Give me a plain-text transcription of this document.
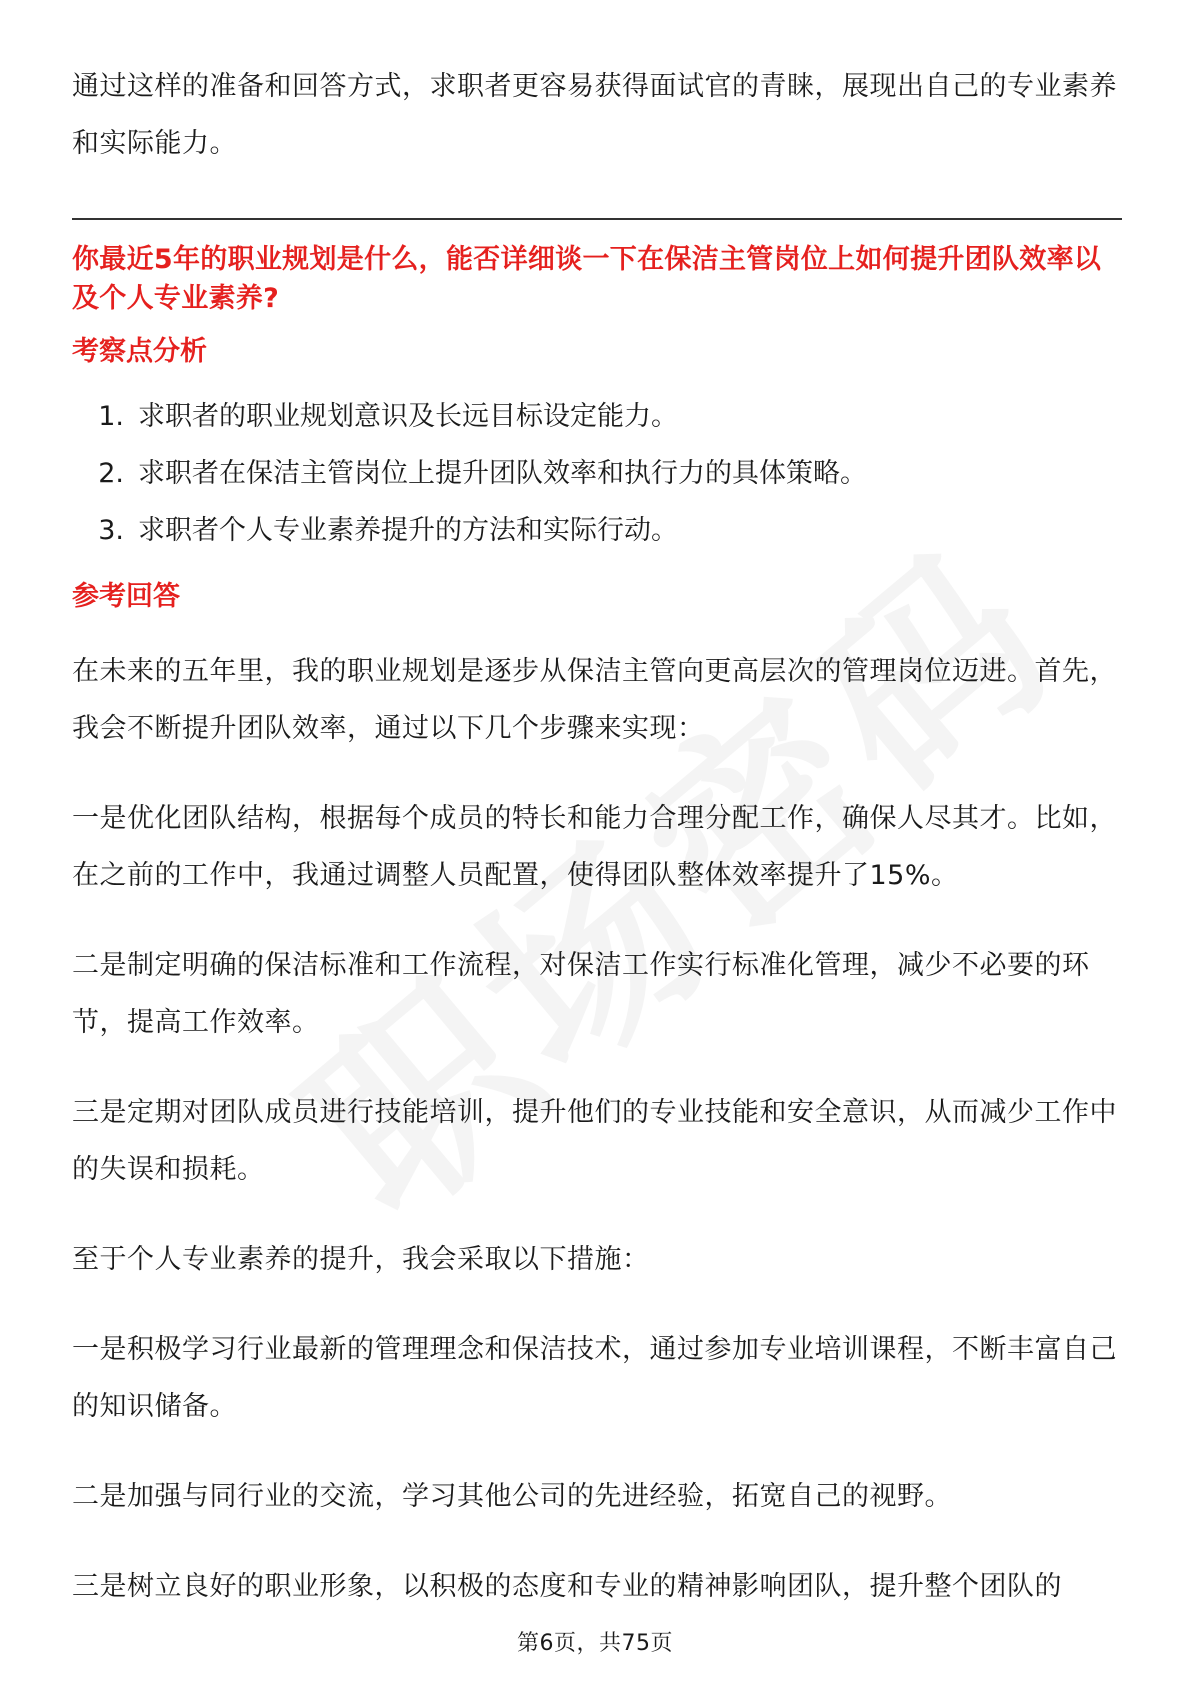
通过这样的准备和回答方式，求职者更容易获得面试官的青睐，展现出自己的专业素养和实际能力。

你最近5年的职业规划是什么，能否详细谈一下在保洁主管岗位上如何提升团队效率以及个人专业素养?

考察点分析

1. 求职者的职业规划意识及长远目标设定能力。
2. 求职者在保洁主管岗位上提升团队效率和执行力的具体策略。
3. 求职者个人专业素养提升的方法和实际行动。

参考回答

在未来的五年里，我的职业规划是逐步从保洁主管向更高层次的管理岗位迈进。首先，我会不断提升团队效率，通过以下几个步骤来实现：

一是优化团队结构，根据每个成员的特长和能力合理分配工作，确保人尽其才。比如，在之前的工作中，我通过调整人员配置，使得团队整体效率提升了15%。

二是制定明确的保洁标准和工作流程，对保洁工作实行标准化管理，减少不必要的环节，提高工作效率。

三是定期对团队成员进行技能培训，提升他们的专业技能和安全意识，从而减少工作中的失误和损耗。

至于个人专业素养的提升，我会采取以下措施：

一是积极学习行业最新的管理理念和保洁技术，通过参加专业培训课程，不断丰富自己的知识储备。

二是加强与同行业的交流，学习其他公司的先进经验，拓宽自己的视野。

三是树立良好的职业形象，以积极的态度和专业的精神影响团队，提升整个团队的

第6页，共75页
